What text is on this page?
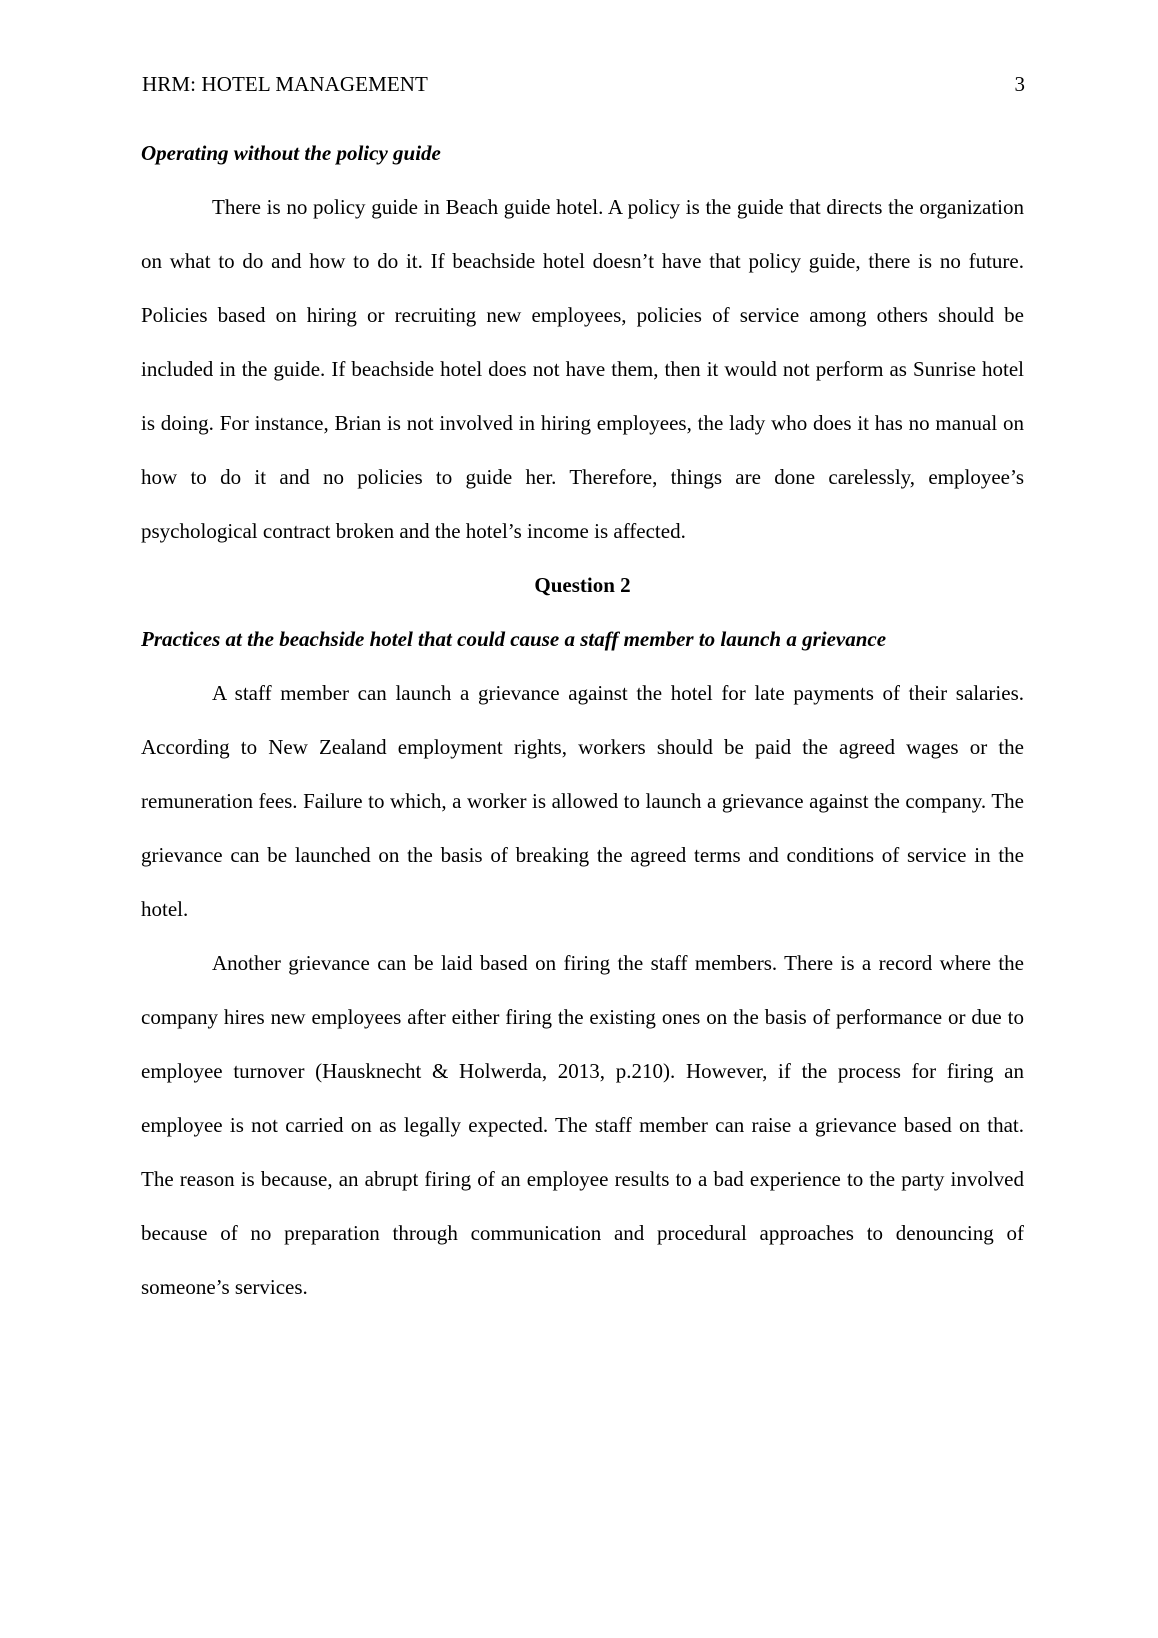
HRM: HOTEL MANAGEMENT	3

Operating without the policy guide

There is no policy guide in Beach guide hotel. A policy is the guide that directs the organization on what to do and how to do it. If beachside hotel doesn’t have that policy guide, there is no future. Policies based on hiring or recruiting new employees, policies of service among others should be included in the guide. If beachside hotel does not have them, then it would not perform as Sunrise hotel is doing. For instance, Brian is not involved in hiring employees, the lady who does it has no manual on how to do it and no policies to guide her. Therefore, things are done carelessly, employee’s psychological contract broken and the hotel’s income is affected.

Question 2

Practices at the beachside hotel that could cause a staff member to launch a grievance

A staff member can launch a grievance against the hotel for late payments of their salaries. According to New Zealand employment rights, workers should be paid the agreed wages or the remuneration fees. Failure to which, a worker is allowed to launch a grievance against the company. The grievance can be launched on the basis of breaking the agreed terms and conditions of service in the hotel.

Another grievance can be laid based on firing the staff members. There is a record where the company hires new employees after either firing the existing ones on the basis of performance or due to employee turnover (Hausknecht & Holwerda, 2013, p.210). However, if the process for firing an employee is not carried on as legally expected. The staff member can raise a grievance based on that. The reason is because, an abrupt firing of an employee results to a bad experience to the party involved because of no preparation through communication and procedural approaches to denouncing of someone’s services.
